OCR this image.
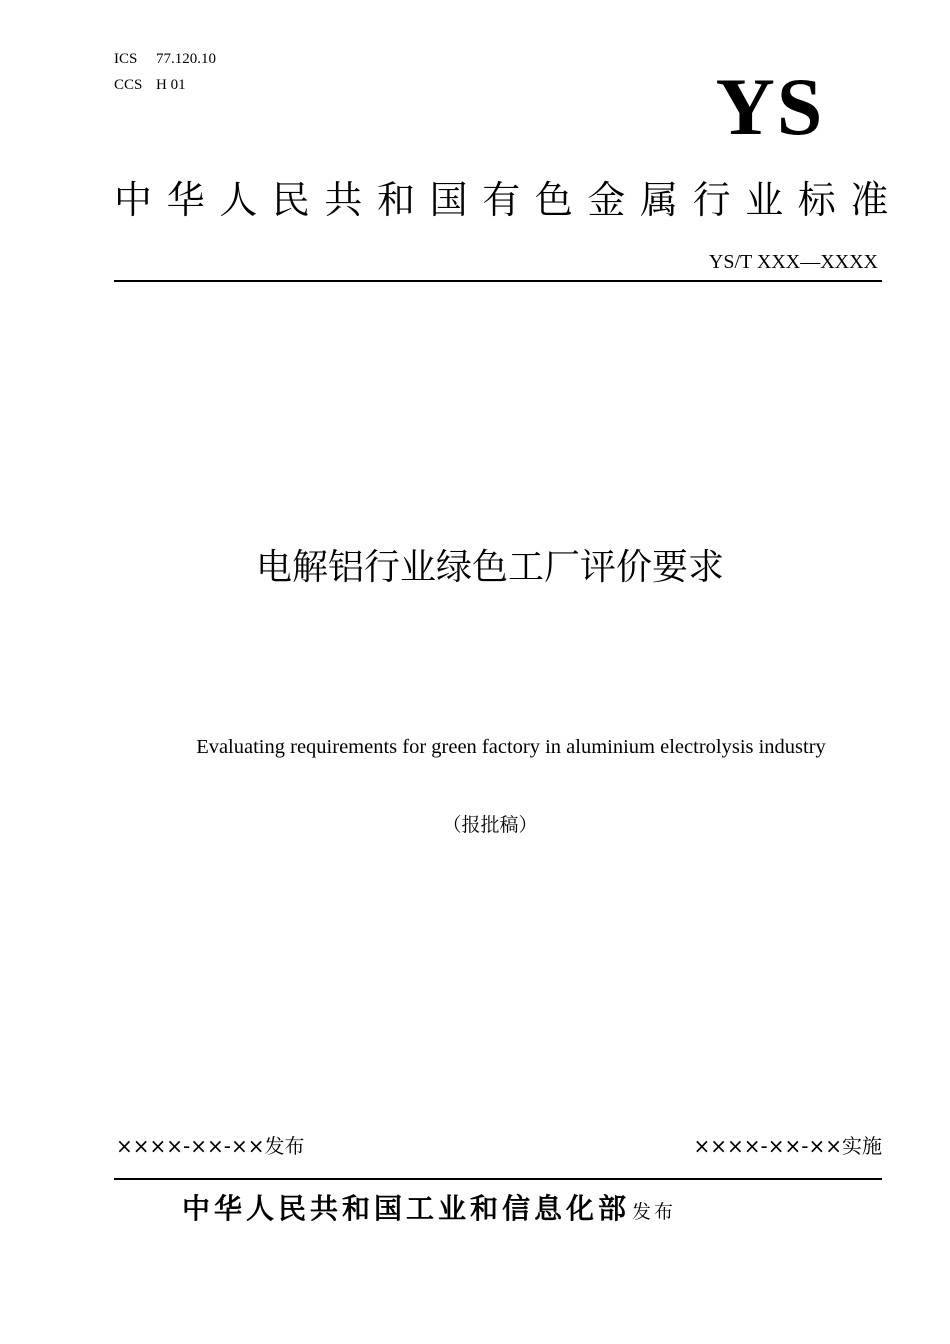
ICS 77.120.10
CCS H 01	YS
中华人民共和国有色金属行业标准
YS/T XXX—XXXX
电解铝行业绿色工厂评价要求
Evaluating requirements for green factory in aluminium electrolysis industry
（报批稿）
××××-××-××发布	××××-××-××实施
中华人民共和国工业和信息化部 发布
